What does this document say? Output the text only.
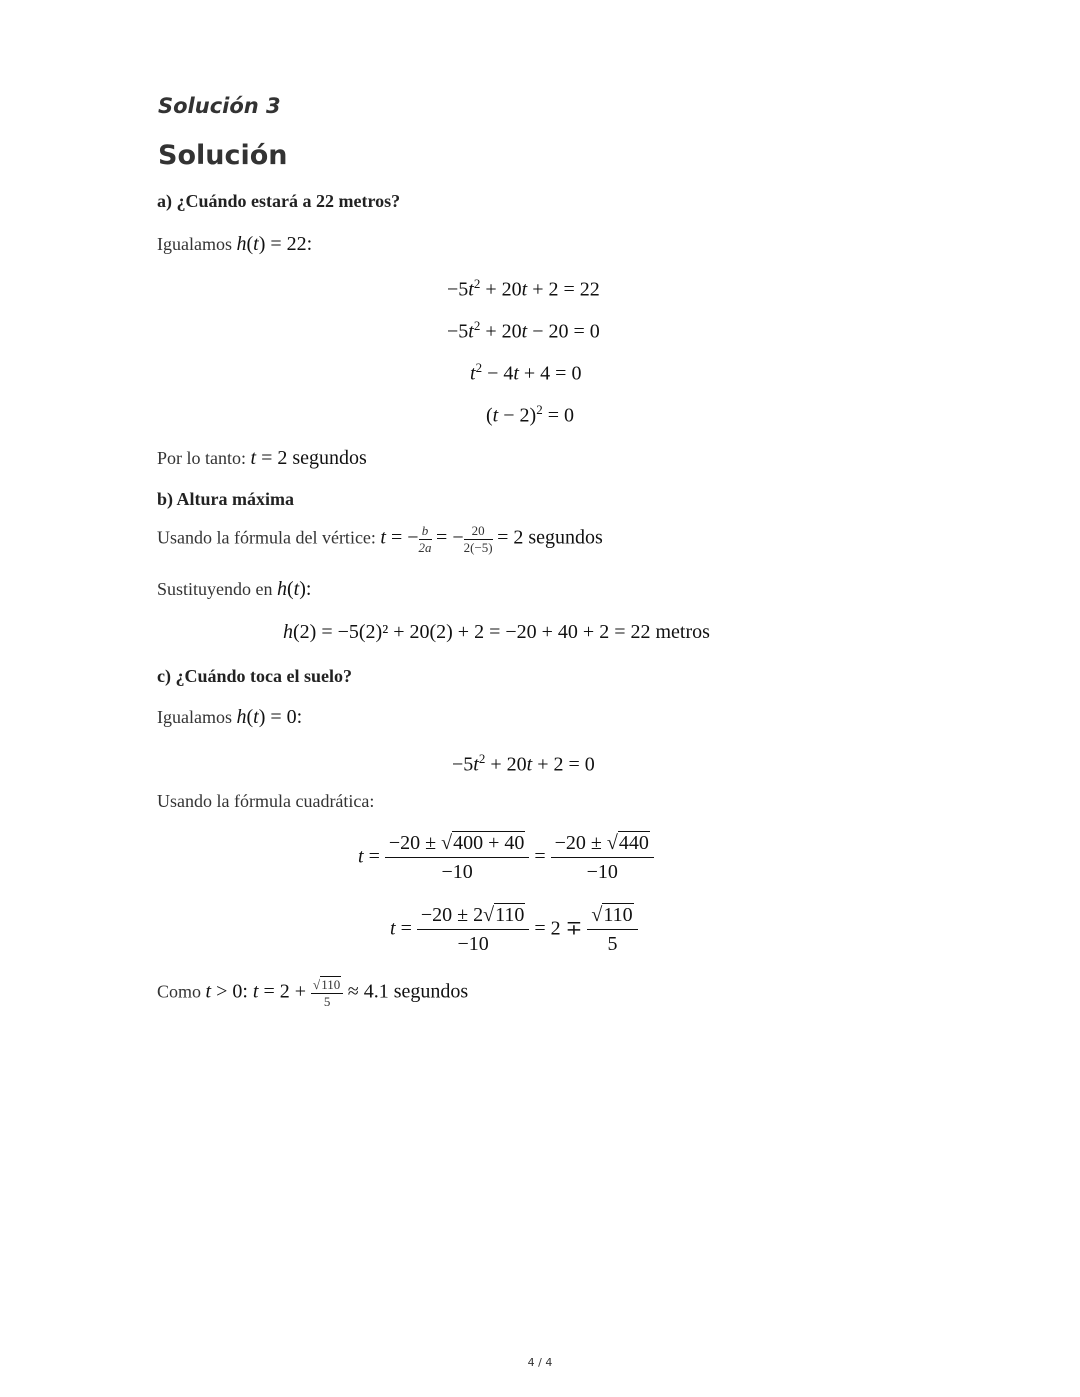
Solución 3
Solución
a) ¿Cuándo estará a 22 metros?
Igualamos h(t) = 22:
$-5t^2 + 20t + 2 = 22$
$-5t^2 + 20t - 20 = 0$
$t^2 - 4t + 4 = 0$
$(t - 2)^2 = 0$
Por lo tanto: t = 2 segundos
b) Altura máxima
Usando la fórmula del vértice: t = − $\frac{b}{2a}$ = − $\frac{20}{2(-5)} = 2$ segundos
Sustituyendo en h(t):
h(2) = −5(2)² + 20(2) + 2 = −20 + 40 + 2 = 22 metros
c) ¿Cuándo toca el suelo?
Igualamos h(t) = 0:
$-5t^2 + 20t + 2 = 0$
Usando la fórmula cuadrática:
$t = \frac{-20 \pm √400 + 40}{-10} = \frac{-20 \pm √440}{-10}$
$t = \frac{-20 \pm 2√110}{-10} = 2 \mp \frac{√110}{5}$
Como t > 0: $t = 2 + \frac{√110}{5} \approx 4.1$ segundos
4 / 4
